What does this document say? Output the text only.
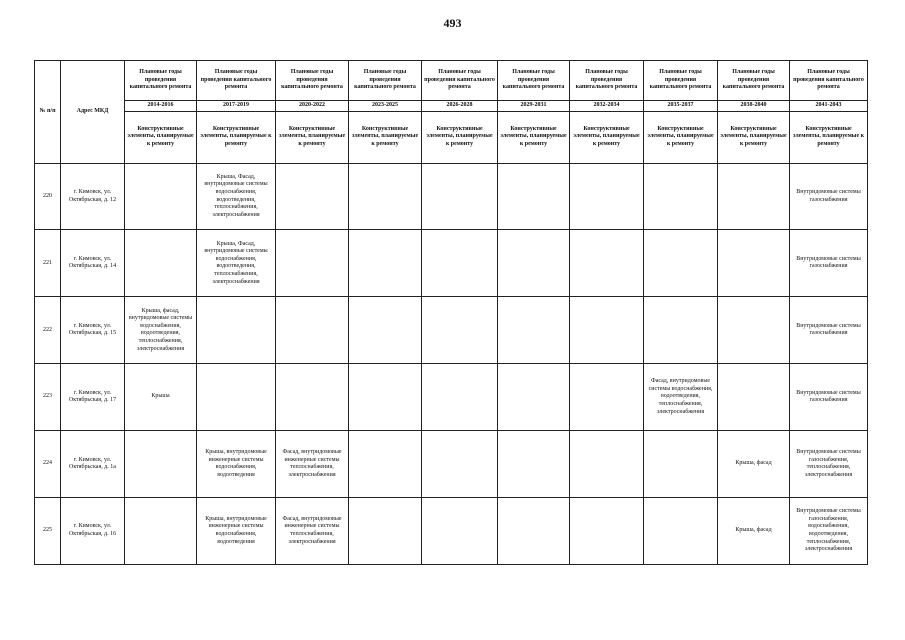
493
№ п/п	Адрес МКД	Плановые годы проведения капитального ремонта	Плановые годы проведения капитального ремонта	Плановые годы проведения капитального ремонта	Плановые годы проведения капитального ремонта	Плановые годы проведения капитального ремонта	Плановые годы проведения капитального ремонта	Плановые годы проведения капитального ремонта	Плановые годы проведения капитального ремонта	Плановые годы проведения капитального ремонта	Плановые годы проведения капитального ремонта
		2014-2016	2017-2019	2020-2022	2023-2025	2026-2028	2029-2031	2032-2034	2035-2037	2038-2040	2041-2043
		Конструктивные элементы, планируемые к ремонту	Конструктивные элементы, планируемые к ремонту	Конструктивные элементы, планируемые к ремонту	Конструктивные элементы, планируемые к ремонту	Конструктивные элементы, планируемые к ремонту	Конструктивные элементы, планируемые к ремонту	Конструктивные элементы, планируемые к ремонту	Конструктивные элементы, планируемые к ремонту	Конструктивные элементы, планируемые к ремонту	Конструктивные элементы, планируемые к ремонту
220	г. Кимовск, ул. Октябрьская, д. 12		Крыша, Фасад, внутридомовые системы водоснабжения, водоотведения, теплоснабжения, электроснабжения								Внутридомовые системы газоснабжения
221	г. Кимовск, ул. Октябрьская, д. 14		Крыша, Фасад, внутридомовые системы водоснабжения, водоотведения, теплоснабжения, электроснабжения								Внутридомовые системы газоснабжения
222	г. Кимовск, ул. Октябрьская, д. 15	Крыша, фасад, внутридомовые системы водоснабжения, водоотведения, теплоснабжения, электроснабжения									Внутридомовые системы газоснабжения
223	г. Кимовск, ул. Октябрьская, д. 17	Крыша							Фасад, внутридомовые системы водоснабжения, водоотведения, теплоснабжения, электроснабжения		Внутридомовые системы газоснабжения
224	г. Кимовск, ул. Октябрьская, д. 1а		Крыша, внутридомовые инженерные системы водоснабжения, водоотведения	Фасад, внутридомовые инженерные системы теплоснабжения, электроснабжения						Крыша, фасад	Внутридомовые системы газоснабжения, теплоснабжения, электроснабжения
225	г. Кимовск, ул. Октябрьская, д. 16		Крыша, внутридомовые инженерные системы водоснабжения, водоотведения	Фасад, внутридомовые инженерные системы теплоснабжения, электроснабжения						Крыша, фасад	Внутридомовые системы газоснабжения, водоснабжения, водоотведения, теплоснабжения, электроснабжения
